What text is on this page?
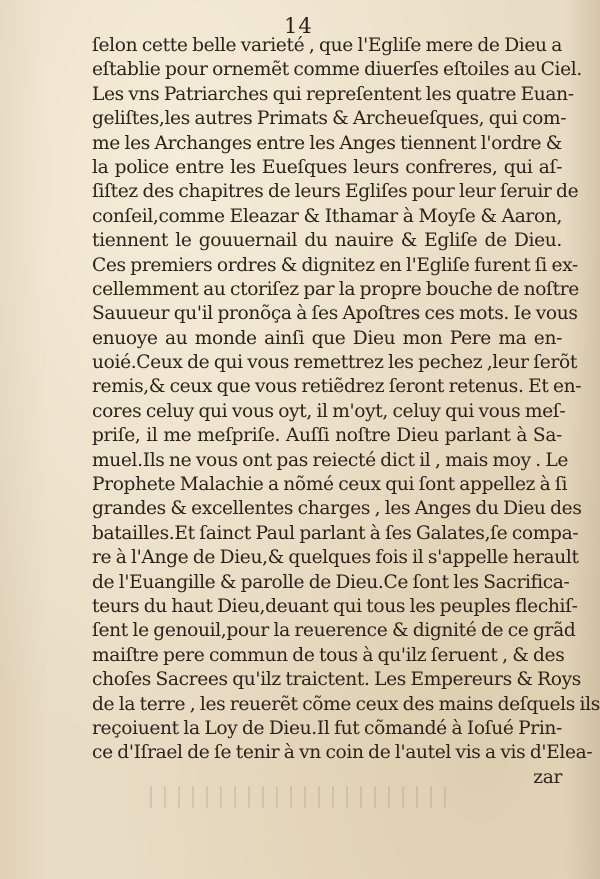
14
ſelon cette belle varieté , que l'Egliſe mere de Dieu a
eſtablie pour ornemẽt comme diuerſes eſtoiles au Ciel.
Les vns Patriarches qui repreſentent les quatre Euan-
geliſtes,les autres Primats & Archeueſques, qui com-
me les Archanges entre les Anges tiennent l'ordre &
la police entre les Eueſques leurs confreres, qui aſ-
ſiſtez des chapitres de leurs Egliſes pour leur ſeruir de
conſeil,comme Eleazar & Ithamar à Moyſe & Aaron,
tiennent le gouuernail du nauire & Egliſe de Dieu.
Ces premiers ordres & dignitez en l'Egliſe furent ſi ex-
cellemment au ctoriſez par la propre bouche de noſtre
Sauueur qu'il pronõça à ſes Apoſtres ces mots. Ie vous
enuoye au monde ainſi que Dieu mon Pere ma en-
uoié.Ceux de qui vous remettrez les pechez ,leur ſerõt
remis,& ceux que vous retiẽdrez ſeront retenus. Et en-
cores celuy qui vous oyt, il m'oyt, celuy qui vous meſ-
priſe, il me meſpriſe. Auſſi noſtre Dieu parlant à Sa-
muel.Ils ne vous ont pas reiecté dict il , mais moy . Le
Prophete Malachie a nõmé ceux qui ſont appellez à ſi
grandes & excellentes charges , les Anges du Dieu des
batailles.Et ſainct Paul parlant à ſes Galates,ſe compa-
re à l'Ange de Dieu,& quelques fois il s'appelle herault
de l'Euangille & parolle de Dieu.Ce ſont les Sacrifica-
teurs du haut Dieu,deuant qui tous les peuples flechiſ-
ſent le genouil,pour la reuerence & dignité de ce grãd
maiſtre pere commun de tous à qu'ilz ſeruent , & des
choſes Sacrees qu'ilz traictent. Les Empereurs & Roys
de la terre , les reuerẽt cõme ceux des mains deſquels ils
reçoiuent la Loy de Dieu.Il fut cõmandé à Ioſué Prin-
ce d'Iſrael de ſe tenir à vn coin de l'autel vis a vis d'Elea-
zar
